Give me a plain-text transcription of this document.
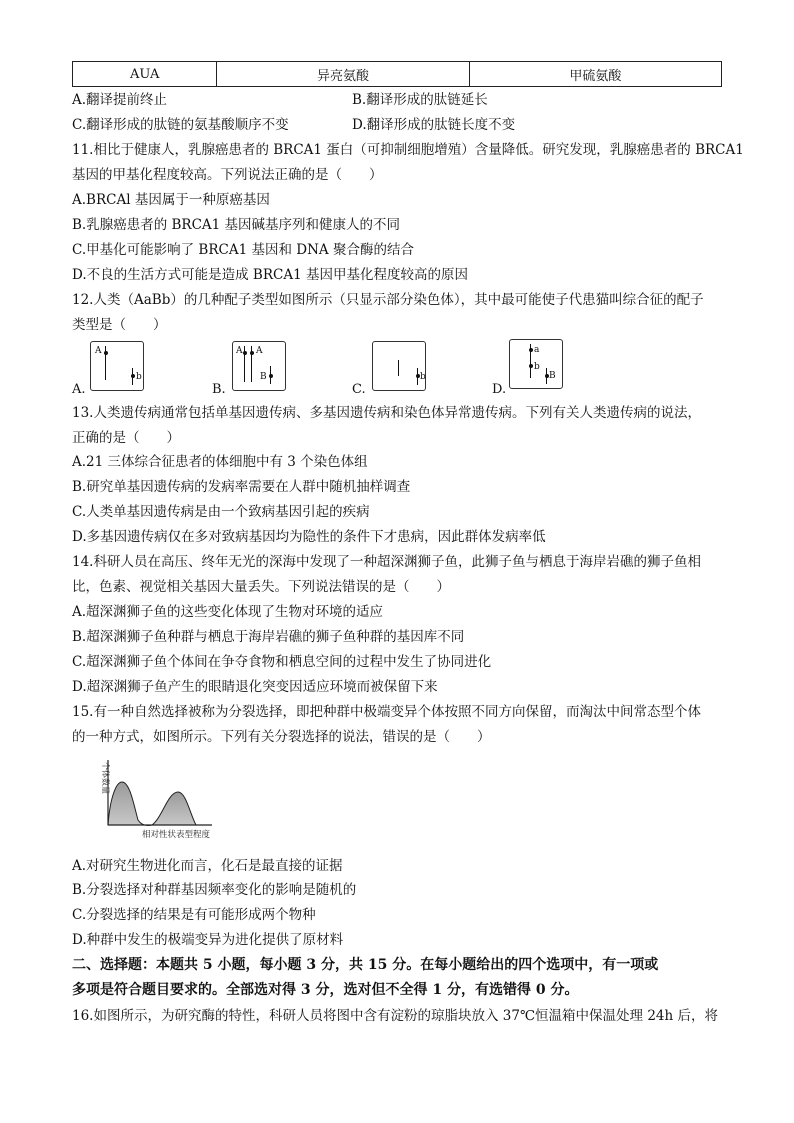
AUA	异亮氨酸	甲硫氨酸
A.翻译提前终止	B.翻译形成的肽链延长
C.翻译形成的肽链的氨基酸顺序不变	D.翻译形成的肽链长度不变
11.相比于健康人，乳腺癌患者的 BRCA1 蛋白（可抑制细胞增殖）含量降低。研究发现，乳腺癌患者的 BRCA1
基因的甲基化程度较高。下列说法正确的是（　　）
A.BRCAl 基因属于一种原癌基因
B.乳腺癌患者的 BRCA1 基因碱基序列和健康人的不同
C.甲基化可能影响了 BRCA1 基因和 DNA 聚合酶的结合
D.不良的生活方式可能是造成 BRCA1 基因甲基化程度较高的原因
12.人类（AaBb）的几种配子类型如图所示（只显示部分染色体），其中最可能使子代患猫叫综合征的配子
类型是（　　）
A.
A
b
B.
A A
B
C.
b
D.
a
b
B
13.人类遗传病通常包括单基因遗传病、多基因遗传病和染色体异常遗传病。下列有关人类遗传病的说法，
正确的是（　　）
A.21 三体综合征患者的体细胞中有 3 个染色体组
B.研究单基因遗传病的发病率需要在人群中随机抽样调查
C.人类单基因遗传病是由一个致病基因引起的疾病
D.多基因遗传病仅在多对致病基因均为隐性的条件下才患病，因此群体发病率低
14.科研人员在高压、终年无光的深海中发现了一种超深渊狮子鱼，此狮子鱼与栖息于海岸岩礁的狮子鱼相
比，色素、视觉相关基因大量丢失。下列说法错误的是（　　）
A.超深渊狮子鱼的这些变化体现了生物对环境的适应
B.超深渊狮子鱼种群与栖息于海岸岩礁的狮子鱼种群的基因库不同
C.超深渊狮子鱼个体间在争夺食物和栖息空间的过程中发生了协同进化
D.超深渊狮子鱼产生的眼睛退化突变因适应环境而被保留下来
15.有一种自然选择被称为分裂选择，即把种群中极端变异个体按照不同方向保留，而淘汰中间常态型个体
的一种方式，如图所示。下列有关分裂选择的说法，错误的是（　　）
个体数量
相对性状表型程度
A.对研究生物进化而言，化石是最直接的证据
B.分裂选择对种群基因频率变化的影响是随机的
C.分裂选择的结果是有可能形成两个物种
D.种群中发生的极端变异为进化提供了原材料
二、选择题：本题共 5 小题，每小题 3 分，共 15 分。在每小题给出的四个选项中，有一项或
多项是符合题目要求的。全部选对得 3 分，选对但不全得 1 分，有选错得 0 分。
16.如图所示，为研究酶的特性，科研人员将图中含有淀粉的琼脂块放入 37℃恒温箱中保温处理 24h 后，将
